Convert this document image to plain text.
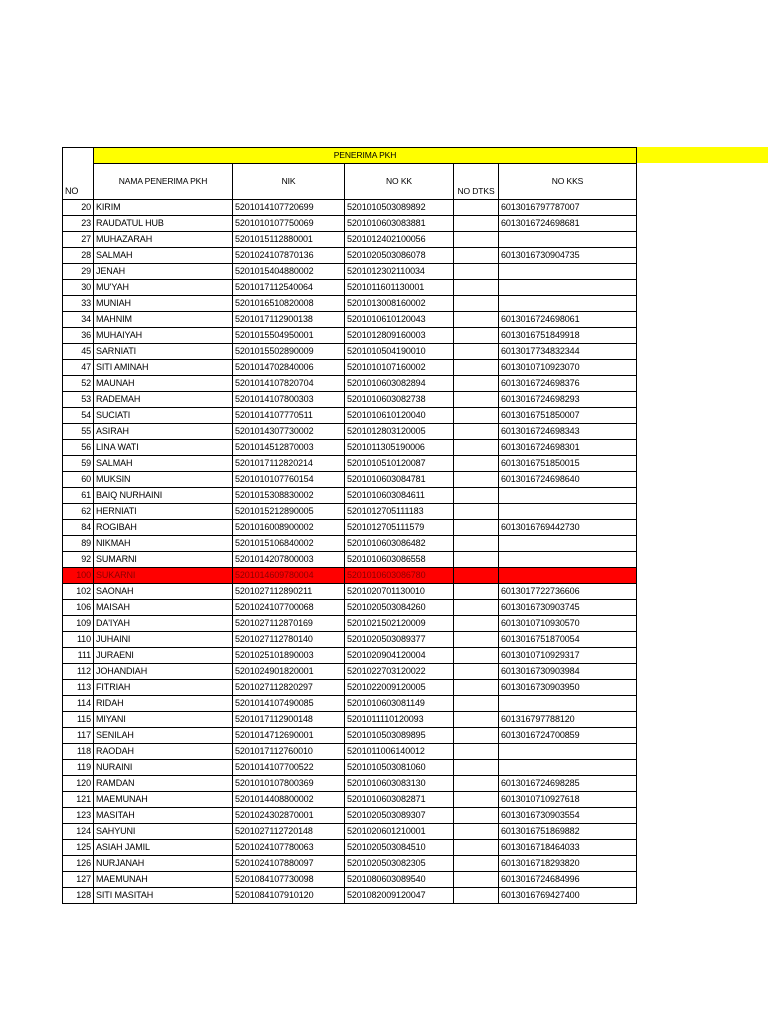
NO	PENERIMA PKH				
	NAMA PENERIMA PKH	NIK	NO KK	NO DTKS	NO KKS
20	KIRIM	5201014107720699	5201010503089892		6013016797787007
23	RAUDATUL HUB	5201010107750069	5201010603083881		6013016724698681
27	MUHAZARAH	5201015112880001	5201012402100056		
28	SALMAH	5201024107870136	5201020503086078		6013016730904735
29	JENAH	5201015404880002	5201012302110034		
30	MU'YAH	5201017112540064	5201011601130001		
33	MUNIAH	5201016510820008	5201013008160002		
34	MAHNIM	5201017112900138	5201010610120043		6013016724698061
36	MUHAIYAH	5201015504950001	5201012809160003		6013016751849918
45	SARNIATI	5201015502890009	5201010504190010		6013017734832344
47	SITI AMINAH	5201014702840006	5201010107160002		6013010710923070
52	MAUNAH	5201014107820704	5201010603082894		6013016724698376
53	RADEMAH	5201014107800303	5201010603082738		6013016724698293
54	SUCIATI	5201014107770511	5201010610120040		6013016751850007
55	ASIRAH	5201014307730002	5201012803120005		6013016724698343
56	LINA WATI	5201014512870003	5201011305190006		6013016724698301
59	SALMAH	5201017112820214	5201010510120087		6013016751850015
60	MUKSIN	5201010107760154	5201010603084781		6013016724698640
61	BAIQ NURHAINI	5201015308830002	5201010603084611		
62	HERNIATI	5201015212890005	5201012705111183		
84	ROGIBAH	5201016008900002	5201012705111579		6013016769442730
89	NIKMAH	5201015106840002	5201010603086482		
92	SUMARNI	5201014207800003	5201010603086558		
100	SUKARNI	5201014609780004	5201010603086780		
102	SAONAH	5201027112890211	5201020701130010		6013017722736606
106	MAISAH	5201024107700068	5201020503084260		6013016730903745
109	DA'IYAH	5201027112870169	5201021502120009		6013010710930570
110	JUHAINI	5201027112780140	5201020503089377		6013016751870054
111	JURAENI	5201025101890003	5201020904120004		6013010710929317
112	JOHANDIAH	5201024901820001	5201022703120022		6013016730903984
113	FITRIAH	5201027112820297	5201022009120005		6013016730903950
114	RIDAH	5201014107490085	5201010603081149		
115	MIYANI	5201017112900148	5201011110120093		601316797788120
117	SENILAH	5201014712690001	5201010503089895		6013016724700859
118	RAODAH	5201017112760010	5201011006140012		
119	NURAINI	5201014107700522	5201010503081060		
120	RAMDAN	5201010107800369	5201010603083130		6013016724698285
121	MAEMUNAH	5201014408800002	5201010603082871		6013010710927618
123	MASITAH	5201024302870001	5201020503089307		6013016730903554
124	SAHYUNI	5201027112720148	5201020601210001		6013016751869882
125	ASIAH JAMIL	5201024107780063	5201020503084510		6013016718464033
126	NURJANAH	5201024107880097	5201020503082305		6013016718293820
127	MAEMUNAH	5201084107730098	5201080603089540		6013016724684996
128	SITI MASITAH	5201084107910120	5201082009120047		6013016769427400
